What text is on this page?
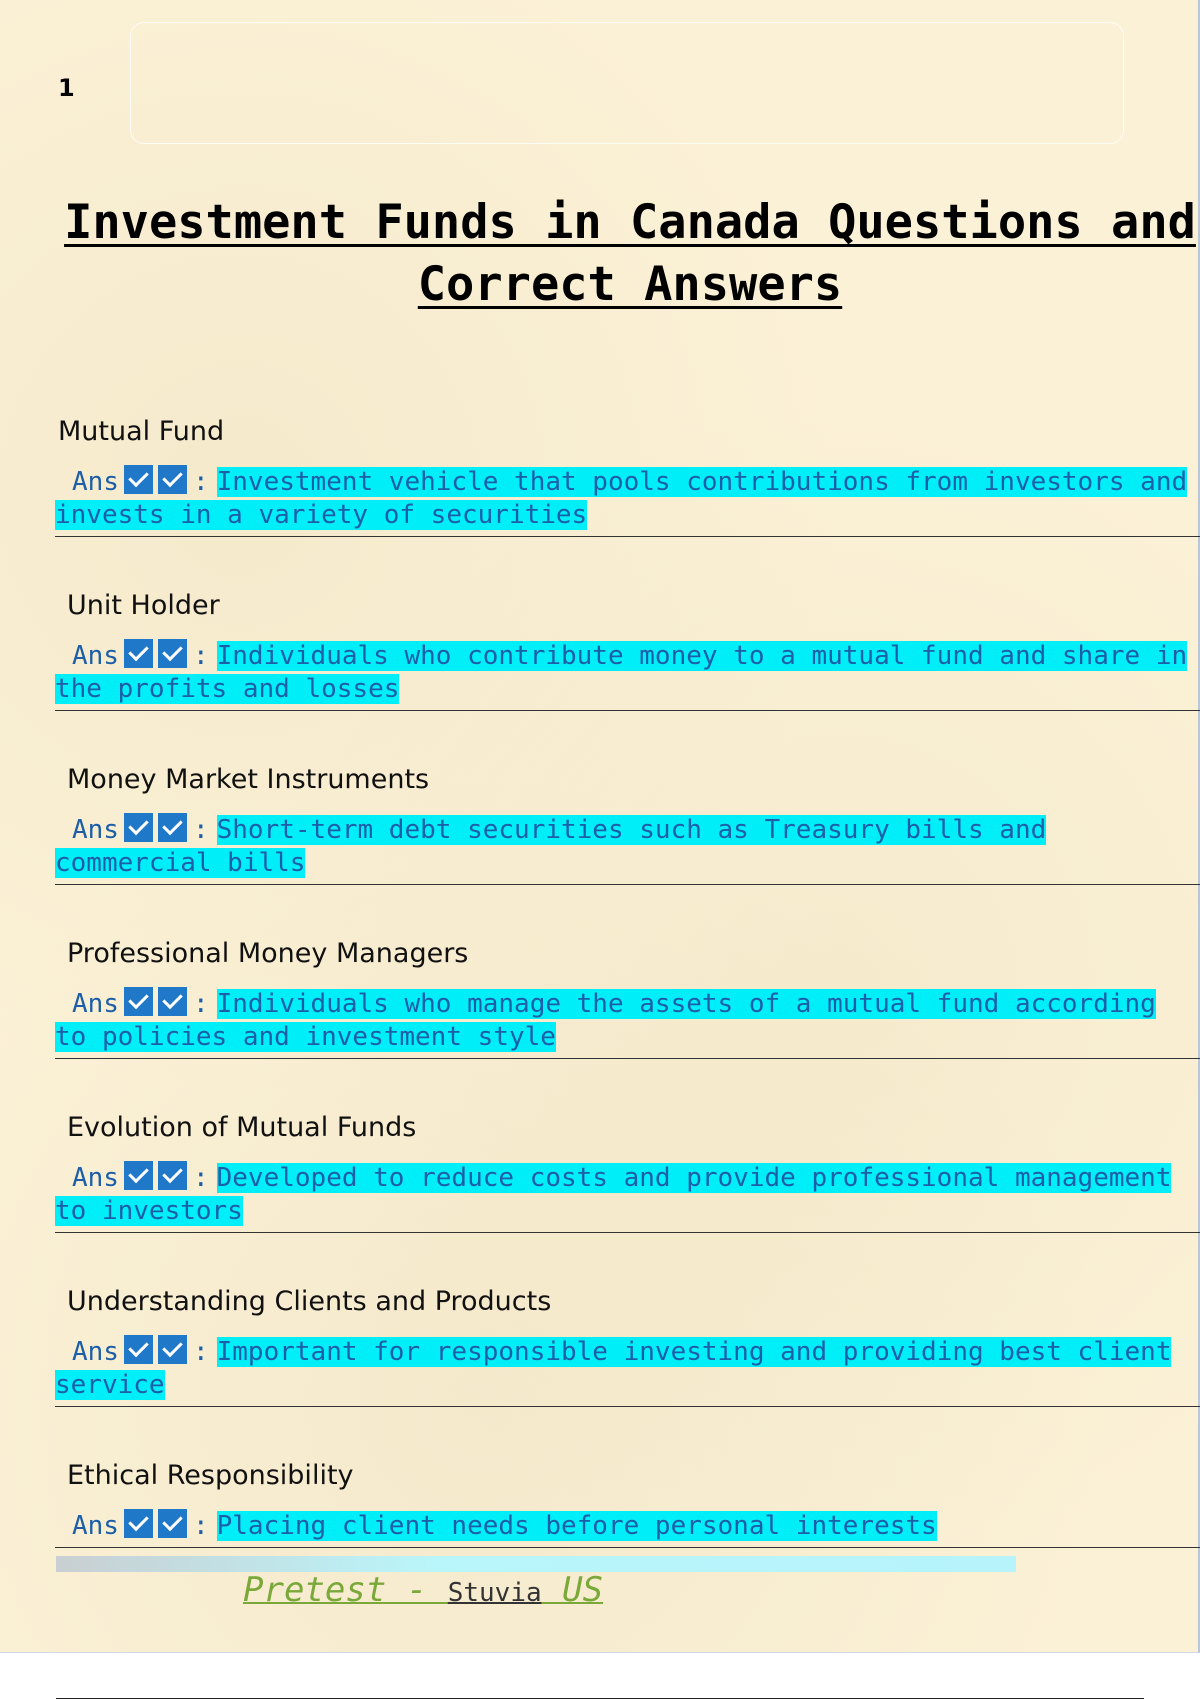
1
Investment Funds in Canada Questions and Correct Answers
Mutual Fund
Ans	: Investment vehicle that pools contributions from investors and
invests in a variety of securities
Unit Holder
Ans	: Individuals who contribute money to a mutual fund and share in
the profits and losses
Money Market Instruments
Ans	: Short-term debt securities such as Treasury bills and
commercial bills
Professional Money Managers
Ans	: Individuals who manage the assets of a mutual fund according
to policies and investment style
Evolution of Mutual Funds
Ans	: Developed to reduce costs and provide professional management
to investors
Understanding Clients and Products
Ans	: Important for responsible investing and providing best client
service
Ethical Responsibility
Ans	: Placing client needs before personal interests
Pretest - Stuvia US
